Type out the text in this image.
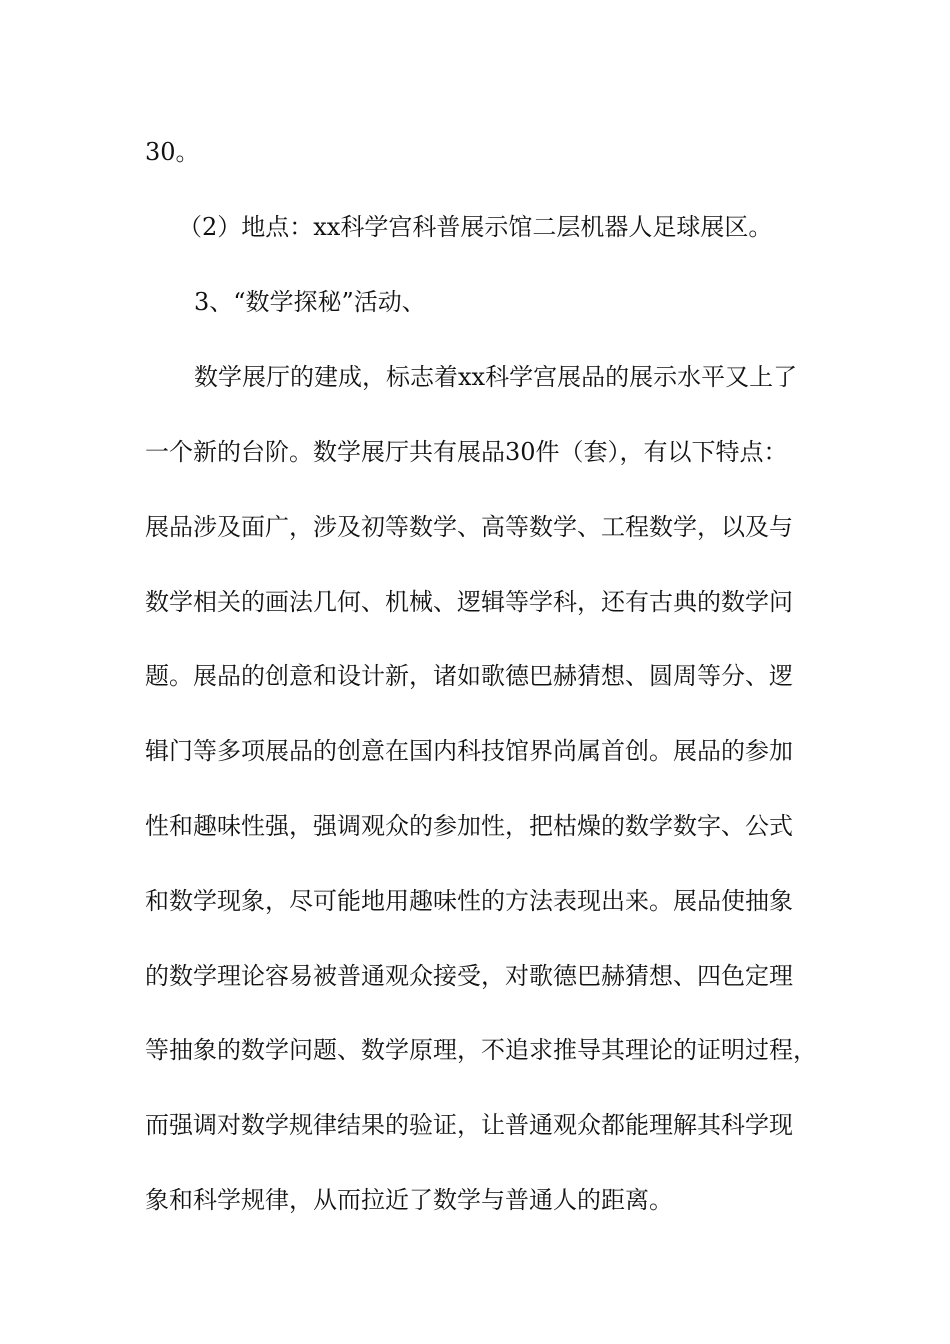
30。
（2）地点：xx科学宫科普展示馆二层机器人足球展区。
3、“数学探秘”活动、
数学展厅的建成，标志着xx科学宫展品的展示水平又上了
一个新的台阶。数学展厅共有展品30件（套），有以下特点：
展品涉及面广，涉及初等数学、高等数学、工程数学，以及与
数学相关的画法几何、机械、逻辑等学科，还有古典的数学问
题。展品的创意和设计新，诸如歌德巴赫猜想、圆周等分、逻
辑门等多项展品的创意在国内科技馆界尚属首创。展品的参加
性和趣味性强，强调观众的参加性，把枯燥的数学数字、公式
和数学现象，尽可能地用趣味性的方法表现出来。展品使抽象
的数学理论容易被普通观众接受，对歌德巴赫猜想、四色定理
等抽象的数学问题、数学原理，不追求推导其理论的证明过程，
而强调对数学规律结果的验证，让普通观众都能理解其科学现
象和科学规律，从而拉近了数学与普通人的距离。
